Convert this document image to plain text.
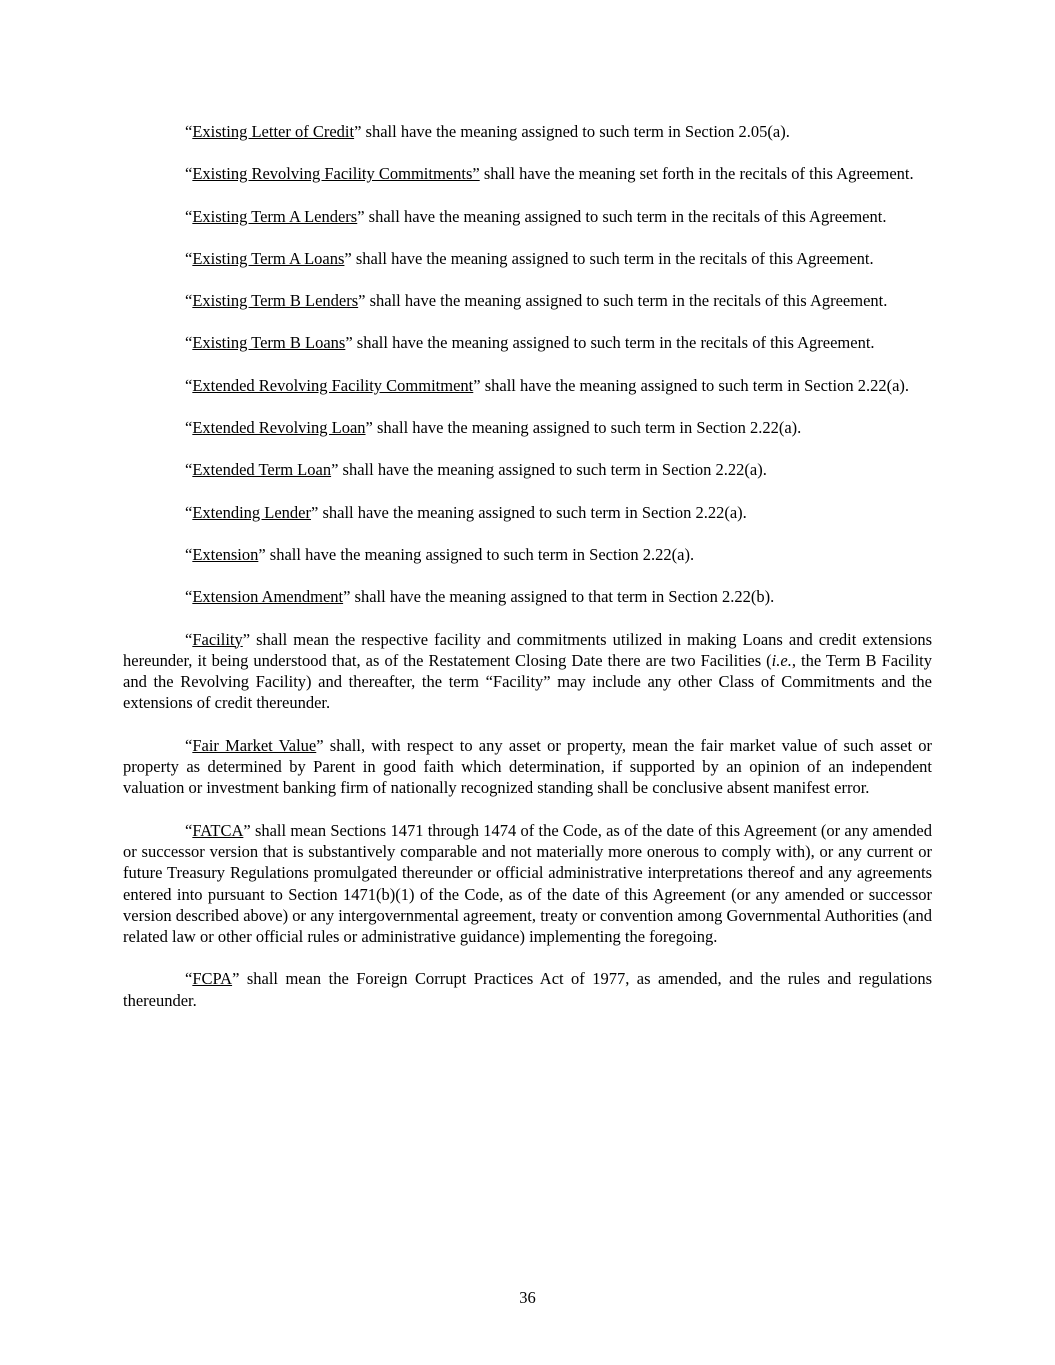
“Existing Letter of Credit” shall have the meaning assigned to such term in Section 2.05(a).

“Existing Revolving Facility Commitments” shall have the meaning set forth in the recitals of this Agreement.

“Existing Term A Lenders” shall have the meaning assigned to such term in the recitals of this Agreement.

“Existing Term A Loans” shall have the meaning assigned to such term in the recitals of this Agreement.

“Existing Term B Lenders” shall have the meaning assigned to such term in the recitals of this Agreement.

“Existing Term B Loans” shall have the meaning assigned to such term in the recitals of this Agreement.

“Extended Revolving Facility Commitment” shall have the meaning assigned to such term in Section 2.22(a).

“Extended Revolving Loan” shall have the meaning assigned to such term in Section 2.22(a).

“Extended Term Loan” shall have the meaning assigned to such term in Section 2.22(a).

“Extending Lender” shall have the meaning assigned to such term in Section 2.22(a).

“Extension” shall have the meaning assigned to such term in Section 2.22(a).

“Extension Amendment” shall have the meaning assigned to that term in Section 2.22(b).

“Facility” shall mean the respective facility and commitments utilized in making Loans and credit extensions hereunder, it being understood that, as of the Restatement Closing Date there are two Facilities (i.e., the Term B Facility and the Revolving Facility) and thereafter, the term “Facility” may include any other Class of Commitments and the extensions of credit thereunder.

“Fair Market Value” shall, with respect to any asset or property, mean the fair market value of such asset or property as determined by Parent in good faith which determination, if supported by an opinion of an independent valuation or investment banking firm of nationally recognized standing shall be conclusive absent manifest error.

“FATCA” shall mean Sections 1471 through 1474 of the Code, as of the date of this Agreement (or any amended or successor version that is substantively comparable and not materially more onerous to comply with), or any current or future Treasury Regulations promulgated thereunder or official administrative interpretations thereof and any agreements entered into pursuant to Section 1471(b)(1) of the Code, as of the date of this Agreement (or any amended or successor version described above) or any intergovernmental agreement, treaty or convention among Governmental Authorities (and related law or other official rules or administrative guidance) implementing the foregoing.

“FCPA” shall mean the Foreign Corrupt Practices Act of 1977, as amended, and the rules and regulations thereunder.

36
